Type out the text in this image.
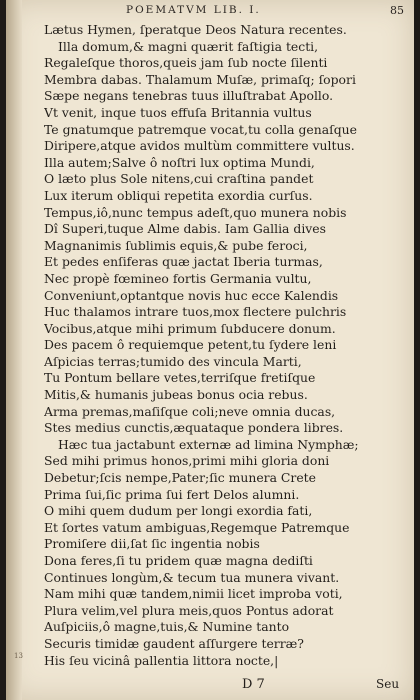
POEMATVM LIB. I.	85
13
Lætus Hymen, ſperatque Deos Natura recentes.
Illa domum,& magni quærit faſtigia tecti,
Regaleſque thoros,queis jam ſub nocte ſilenti
Membra dabas. Thalamum Muſæ, primaſq; ſopori
Sæpe negans tenebras tuus illuſtrabat Apollo.
Vt venit, inque tuos effuſa Britannia vultus
Te gnatumque patremque vocat,tu colla genaſque
Diripere,atque avidos multùm committere vultus.
Illa autem;Salve ô noſtri lux optima Mundi,
O læto plus Sole nitens,cui craſtina pandet
Lux iterum obliqui repetita exordia curſus.
Tempus,iô,nunc tempus adeſt,quo munera nobis
Dî Superi,tuque Alme dabis. Iam Gallia dives
Magnanimis ſublimis equis,& pube feroci,
Et pedes enſiferas quæ jactat Iberia turmas,
Nec propè fœmineo fortis Germania vultu,
Conveniunt,optantque novis huc ecce Kalendis
Huc thalamos intrare tuos,mox flectere pulchris
Vocibus,atque mihi primum ſubducere donum.
Des pacem ô requiemque petent,tu ſydere leni
Aſpicias terras;tumido des vincula Marti,
Tu Pontum bellare vetes,terriſque fretiſque
Mitis,& humanis jubeas bonus ocia rebus.
Arma premas,maſiſque coli;neve omnia ducas,
Stes medius cunctis,æquataque pondera libres.
Hæc tua jactabunt externæ ad limina Nymphæ;
Sed mihi primus honos,primi mihi gloria doni
Debetur;ſcis nempe,Pater;ſic munera Crete
Prima ſui,ſic prima ſui fert Delos alumni.
O mihi quem dudum per longi exordia fati,
Et ſortes vatum ambiguas,Regemque Patremque
Promiſere dii,ſat ſic ingentia nobis
Dona feres,ſi tu pridem quæ magna dediſti
Continues longùm,& tecum tua munera vivant.
Nam mihi quæ tandem,nimii licet improba voti,
Plura velim,vel plura meis,quos Pontus adorat
Auſpiciis,ô magne,tuis,& Numine tanto
Securis timidæ gaudent aſſurgere terræ?
His ſeu vicinâ pallentia littora nocte,|
D 7	Seu
